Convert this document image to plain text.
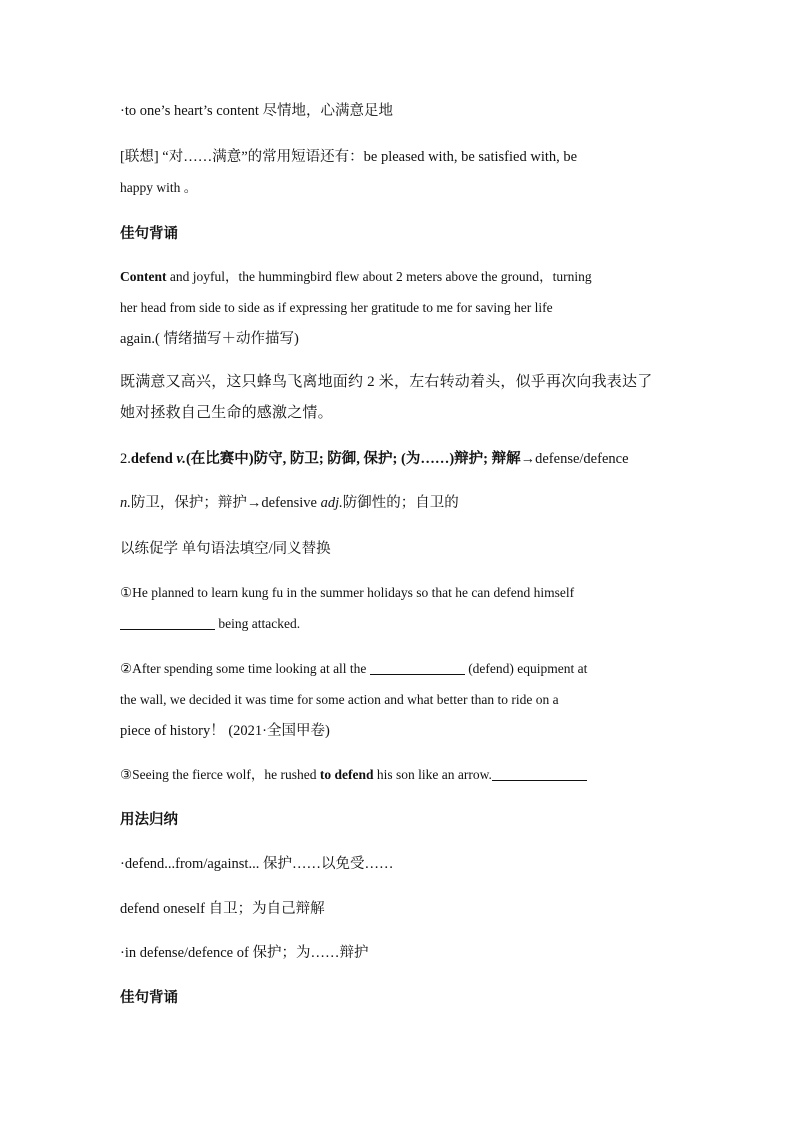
·to one’s heart’s content 尽情地，心满意足地
[联想] “对……满意”的常用短语还有：be pleased with, be satisfied with, be
happy with 。
佳句背诵
Content and joyful，the hummingbird flew about 2 meters above the ground，turning
her head from side to side as if expressing her gratitude to me for saving her life
again.( 情绪描写＋动作描写)
既满意又高兴，这只蜂鸟飞离地面约 2 米，左右转动着头，似乎再次向我表达了
她对拯救自己生命的感激之情。
2.defend v.(在比赛中)防守, 防卫; 防御, 保护; (为……)辩护; 辩解→defense/defence
n.防卫，保护；辩护→defensive adj.防御性的；自卫的
以练促学 单句语法填空/同义替换
①He planned to learn kung fu in the summer holidays so that he can defend himself
being attacked.
②After spending some time looking at all the	(defend) equipment at
the wall, we decided it was time for some action and what better than to ride on a
piece of history！ (2021·全国甲卷)
③Seeing the fierce wolf，he rushed to defend his son like an arrow.
用法归纳
·defend...from/against... 保护……以免受……
defend oneself 自卫；为自己辩解
·in defense/defence of 保护；为……辩护
佳句背诵
